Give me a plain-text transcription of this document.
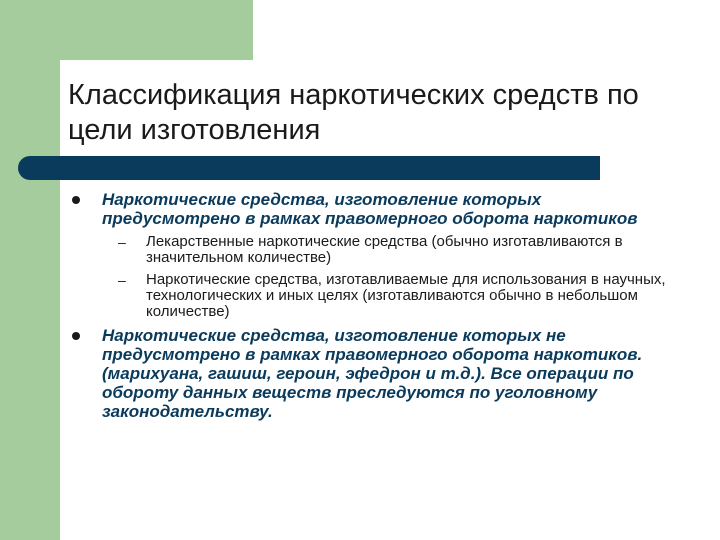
Классификация наркотических средств по цели изготовления
Наркотические средства, изготовление которых предусмотрено в рамках правомерного оборота наркотиков
– Лекарственные наркотические средства (обычно изготавливаются в значительном количестве)
– Наркотические средства, изготавливаемые для использования в научных, технологических и иных целях (изготавливаются обычно в небольшом количестве)
Наркотические средства, изготовление которых не предусмотрено в рамках правомерного оборота наркотиков. (марихуана, гашиш, героин, эфедрон и т.д.). Все операции по обороту данных веществ преследуются по уголовному законодательству.
